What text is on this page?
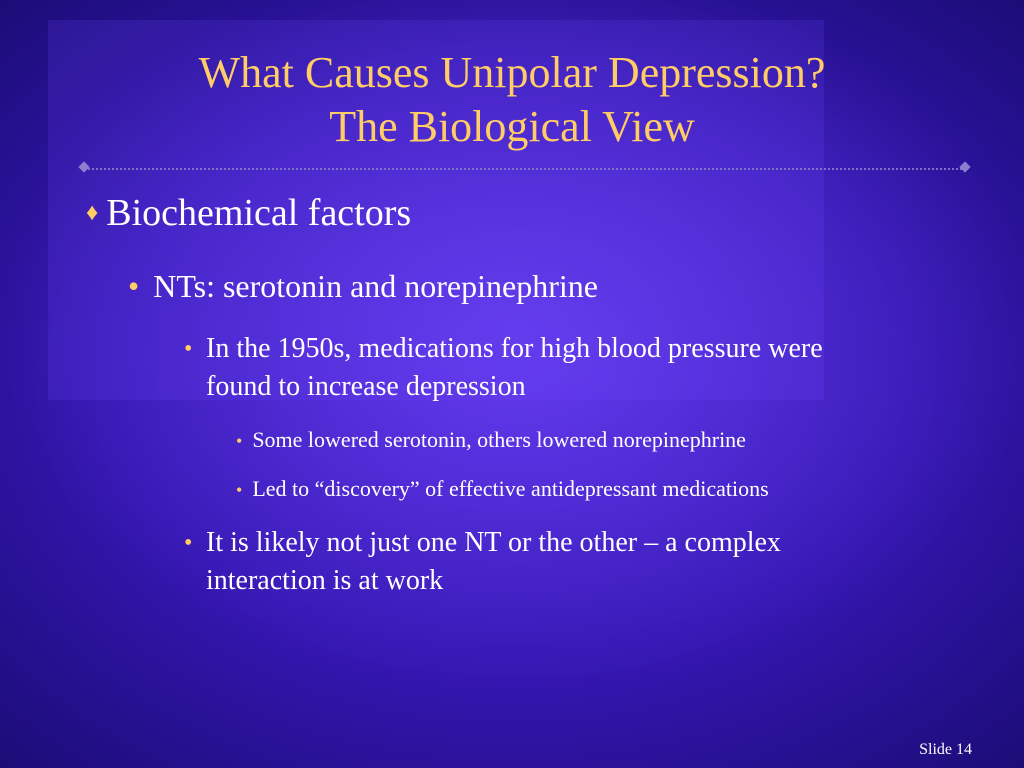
What Causes Unipolar Depression?
The Biological View
♦ Biochemical factors
• NTs: serotonin and norepinephrine
• In the 1950s, medications for high blood pressure were
found to increase depression
• Some lowered serotonin, others lowered norepinephrine
• Led to “discovery” of effective antidepressant medications
• It is likely not just one NT or the other – a complex
interaction is at work
Slide 14
